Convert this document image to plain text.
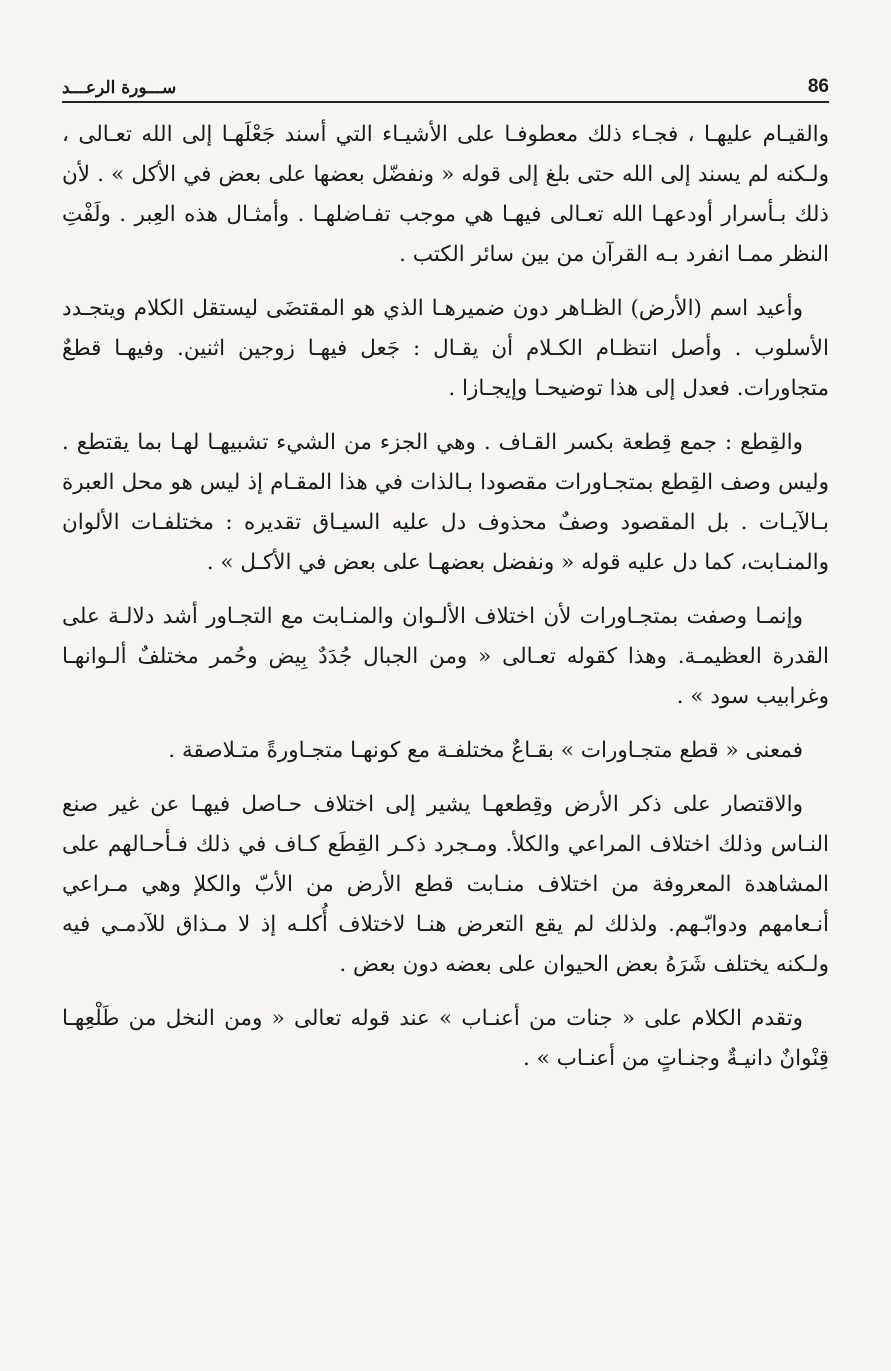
86
ســـورة الرعـــد

والقيـام عليهـا ، فجـاء ذلك معطوفـا على الأشيـاء التي أسند جَعْلَهـا إلى الله تعـالى ، ولـكنه لم يسند إلى الله حتى بلغ إلى قوله « ونفضّل بعضها على بعض في الأكل » . لأن ذلك بـأسرار أودعهـا الله تعـالى فيهـا هي موجب تفـاضلهـا . وأمثـال هذه العِبر . ولَفْتِ النظر ممـا انفرد بـه القرآن من بين سائر الكتب .

وأعيد اسم (الأرض) الظـاهر دون ضميرهـا الذي هو المقتضَى ليستقل الكلام ويتجـدد الأسلوب . وأصل انتظـام الكـلام أن يقـال : جَعل فيهـا زوجين اثنين. وفيهـا قطعٌ متجاورات. فعدل إلى هذا توضيحـا وإيجـازا .

والقِطع : جمع قِطعة بكسر القـاف . وهي الجزء من الشيء تشبيهـا لهـا بما يقتطع . وليس وصف القِطع بمتجـاورات مقصودا بـالذات في هذا المقـام إذ ليس هو محل العبرة بـالآيـات . بل المقصود وصفٌ محذوف دل عليه السيـاق تقديره : مختلفـات الألوان والمنـابت، كما دل عليه قوله « ونفضل بعضهـا على بعض في الأكـل » .

وإنمـا وصفت بمتجـاورات لأن اختلاف الألـوان والمنـابت مع التجـاور أشد دلالـة على القدرة العظيمـة. وهذا كقوله تعـالى « ومن الجبال جُدَدٌ بِيض وحُمر مختلفٌ ألـوانهـا وغرابيب سود » .

فمعنى « قطع متجـاورات » بقـاعٌ مختلفـة مع كونهـا متجـاورةً متـلاصقة .

والاقتصار على ذكر الأرض وقِطعهـا يشير إلى اختلاف حـاصل فيهـا عن غير صنع النـاس وذلك اختلاف المراعي والكلأ. ومـجرد ذكـر القِطَع كـاف في ذلك فـأحـالهم على المشاهدة المعروفة من اختلاف منـابت قطع الأرض من الأبّ والكلإ وهي مـراعي أنـعامهم ودوابّـهم. ولذلك لم يقع التعرض هنـا لاختلاف أُكلـه إذ لا مـذاق للآدمـي فيه ولـكنه يختلف شَرَهُ بعض الحيوان على بعضه دون بعض .

وتقدم الكلام على « جنات من أعنـاب » عند قوله تعالى « ومن النخل من طَلْعِهـا قِنْوانٌ دانيـةٌ وجنـاتٍ من أعنـاب » .
